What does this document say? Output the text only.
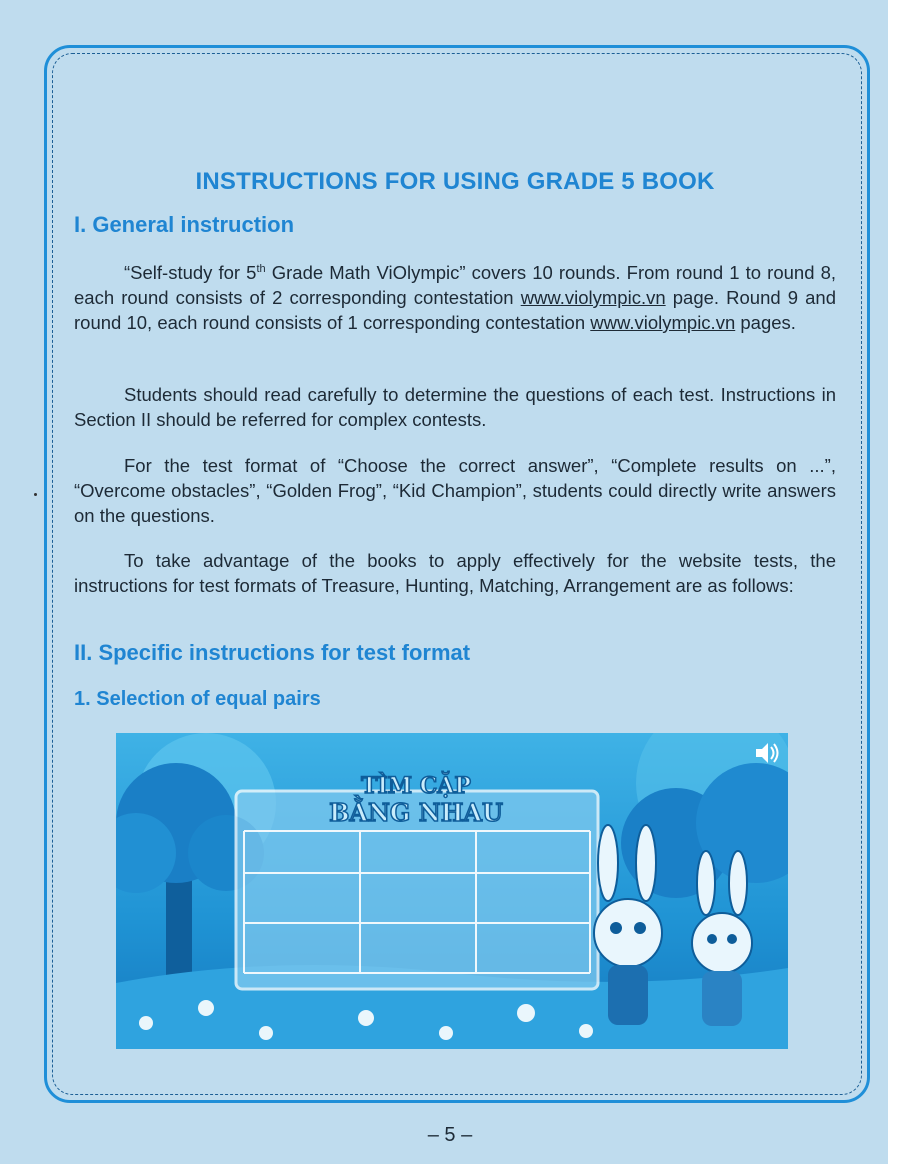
INSTRUCTIONS FOR USING GRADE 5 BOOK
I. General instruction

“Self-study for 5th Grade Math ViOlympic” covers 10 rounds. From round 1 to round 8, each round consists of 2 corresponding contestation www.violympic.vn page. Round 9 and round 10, each round consists of 1 corresponding contestation www.violympic.vn pages.

Students should read carefully to determine the questions of each test. Instructions in Section II should be referred for complex contests.

For the test format of “Choose the correct answer”, “Complete results on ...”, “Overcome obstacles”, “Golden Frog”, “Kid Champion”, students could directly write answers on the questions.

To take advantage of the books to apply effectively for the website tests, the instructions for test formats of Treasure, Hunting, Matching, Arrangement are as follows:

II. Specific instructions for test format
1. Selection of equal pairs
TÌM CẶP
BẰNG NHAU

– 5 –
